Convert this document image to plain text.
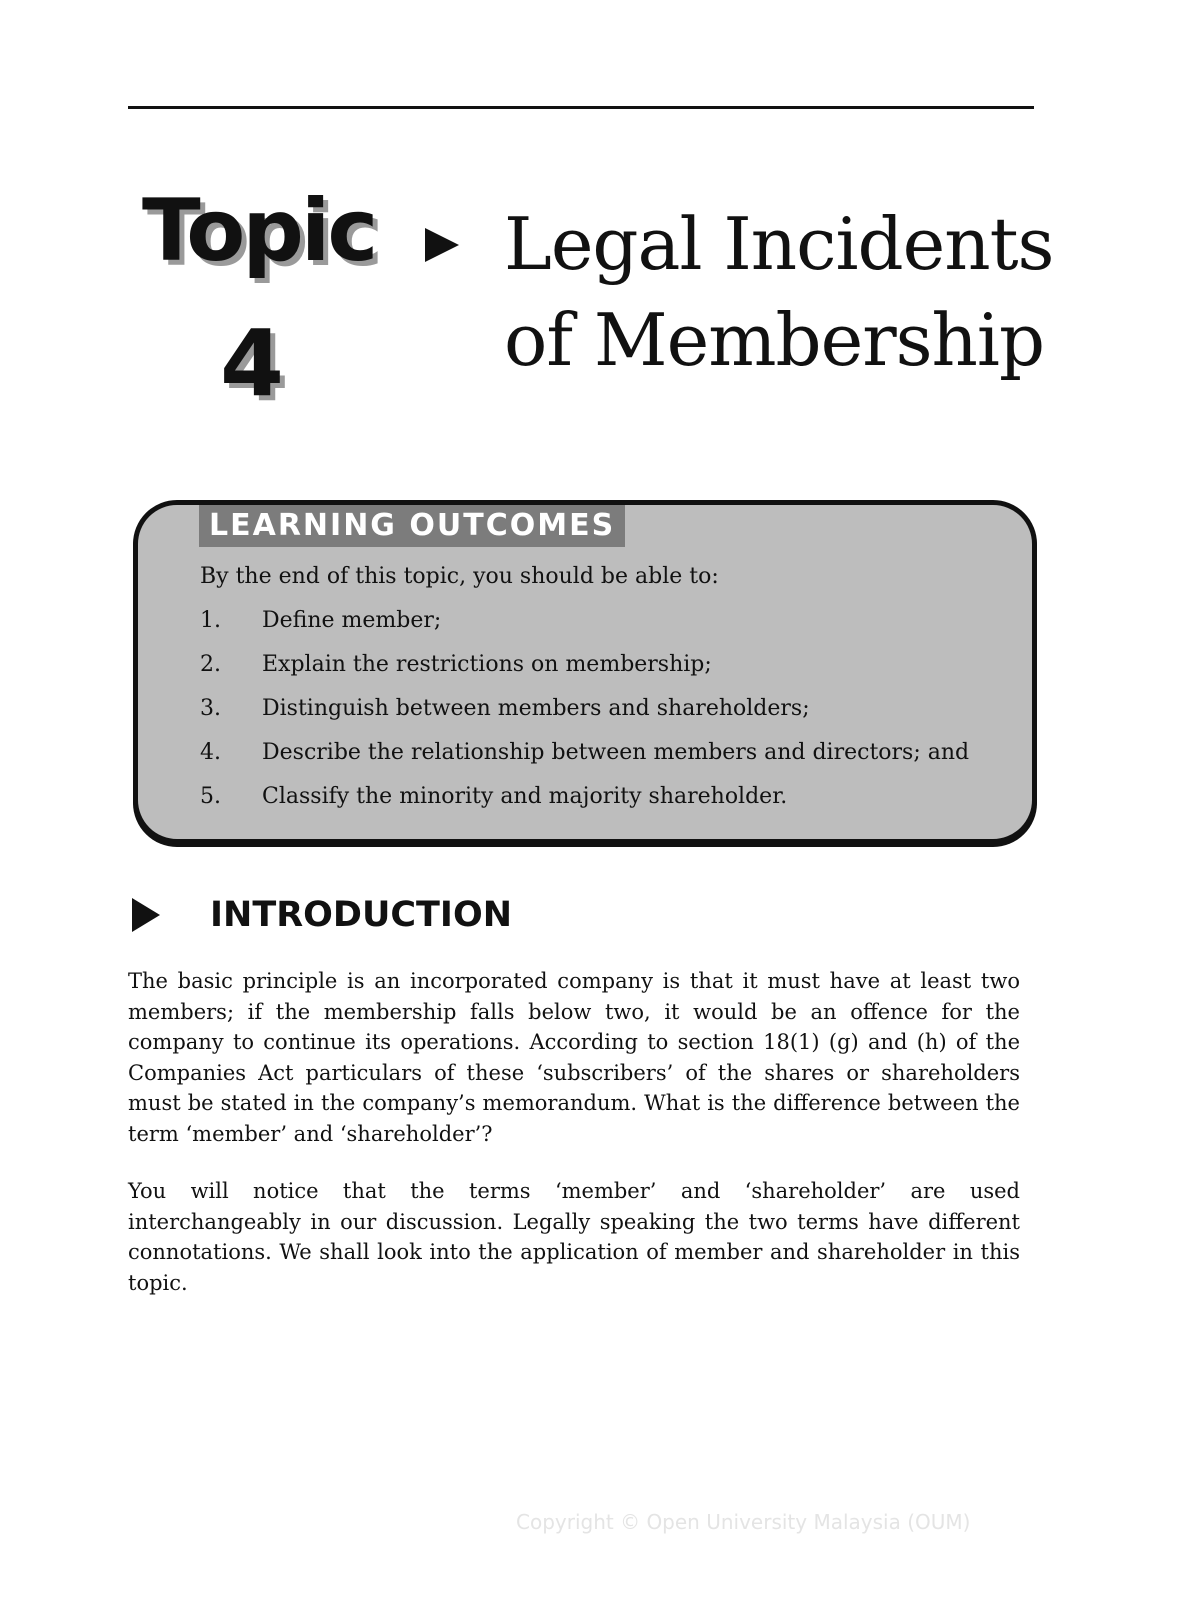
Topic
4
Legal Incidents
of Membership
LEARNING OUTCOMES
By the end of this topic, you should be able to:
1. Define member;
2. Explain the restrictions on membership;
3. Distinguish between members and shareholders;
4. Describe the relationship between members and directors; and
5. Classify the minority and majority shareholder.
INTRODUCTION

The basic principle is an incorporated company is that it must have at least two members; if the membership falls below two, it would be an offence for the company to continue its operations. According to section 18(1) (g) and (h) of the Companies Act particulars of these ‘subscribers’ of the shares or shareholders must be stated in the company’s memorandum. What is the difference between the term ‘member’ and ‘shareholder’?

You will notice that the terms ‘member’ and ‘shareholder’ are used interchangeably in our discussion. Legally speaking the two terms have different connotations. We shall look into the application of member and shareholder in this topic.

Copyright © Open University Malaysia (OUM)
